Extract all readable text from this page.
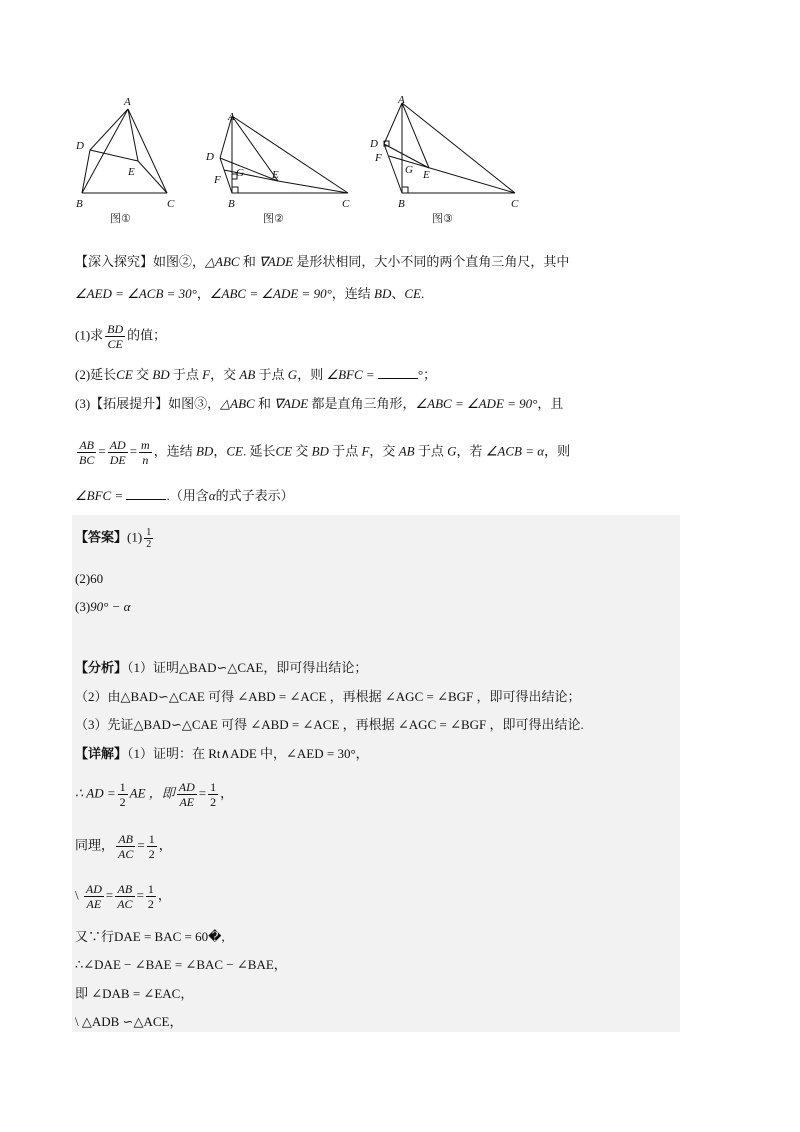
A
D
E
B	C
图①
A
D
G	E
F
B	C
图②
A
D
F
G E
B	C
图③
【深入探究】如图②，△ABC 和 ∇ADE 是形状相同，大小不同的两个直角三角尺，其中
∠AED = ∠ACB = 30°，∠ABC = ∠ADE = 90°，连结 BD、CE.
(1)求 $\frac{BD}{CE}$ 的值；
(2)延长CE 交 BD 于点 F，交 AB 于点 G，则 ∠BFC =	°；
(3)【拓展提升】如图③，△ABC 和 ∇ADE 都是直角三角形，∠ABC = ∠ADE = 90°，且
$\frac{AB}{BC} = \frac{AD}{DE} = \frac{m}{n}$ ，连结 BD，CE. 延长CE 交 BD 于点 F，交 AB 于点 G，若 ∠ACB = α，则
∠BFC =	.（用含α的式子表示）
【答案】$(1) \frac{1}{2}$
(2)60
(3)90° − α
【分析】（1）证明△BAD∽△CAE，即可得出结论；
（2）由△BAD∽△CAE 可得 ∠ABD = ∠ACE ，再根据 ∠AGC = ∠BGF ，即可得出结论；
（3）先证△BAD∽△CAE 可得 ∠ABD = ∠ACE ，再根据 ∠AGC = ∠BGF ，即可得出结论.
【详解】（1）证明：在 Rt∧ADE 中，∠AED = 30°，
∴ AD = $\frac{1}{2}$ AE ，即 $\frac{AD}{AE} = \frac{1}{2}$ ，
同理， $\frac{AB}{AC} = \frac{1}{2}$ ，
\ $\frac{AD}{AE} = \frac{AB}{AC} = \frac{1}{2}$ ，
又∵行DAE = BAC = 60�,
∴∠DAE − ∠BAE = ∠BAC − ∠BAE，
即 ∠DAB = ∠EAC，
\ △ADB ∽△ACE，
